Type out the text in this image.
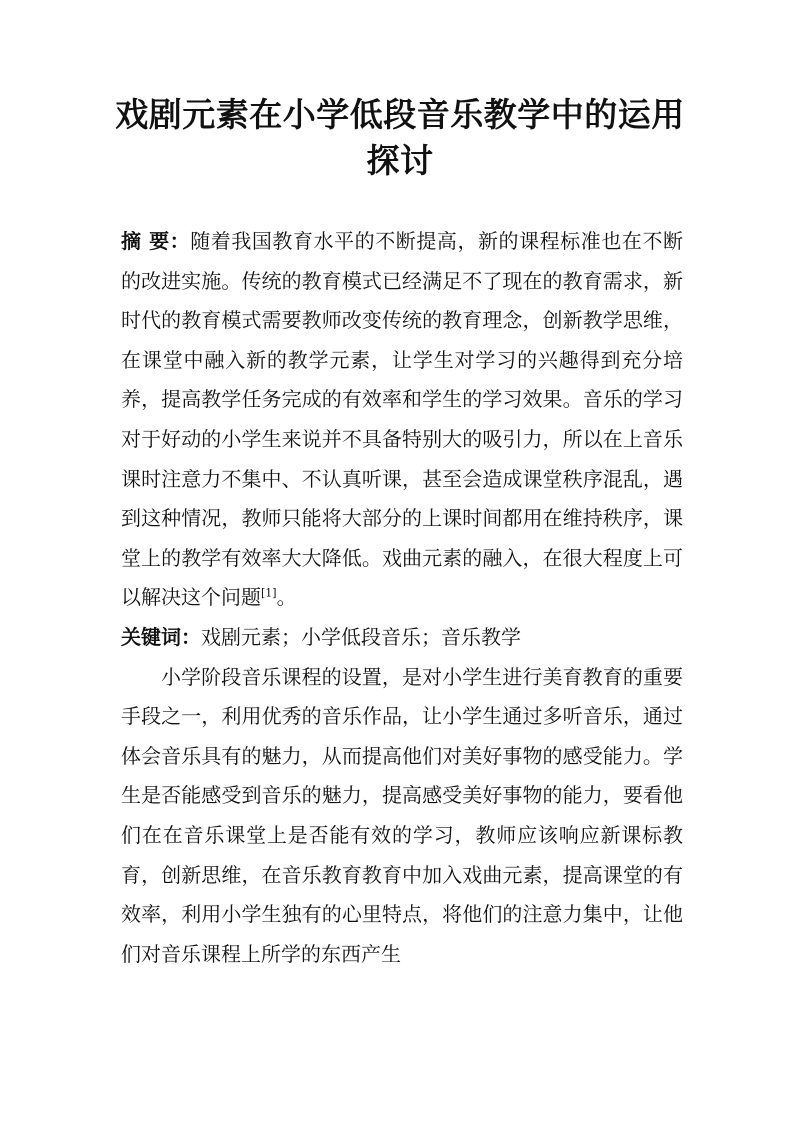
戏剧元素在小学低段音乐教学中的运用
探讨

摘 要：随着我国教育水平的不断提高，新的课程标准也在不断的改进实施。传统的教育模式已经满足不了现在的教育需求，新时代的教育模式需要教师改变传统的教育理念，创新教学思维，在课堂中融入新的教学元素，让学生对学习的兴趣得到充分培养，提高教学任务完成的有效率和学生的学习效果。音乐的学习对于好动的小学生来说并不具备特别大的吸引力，所以在上音乐课时注意力不集中、不认真听课，甚至会造成课堂秩序混乱，遇到这种情况，教师只能将大部分的上课时间都用在维持秩序，课堂上的教学有效率大大降低。戏曲元素的融入，在很大程度上可以解决这个问题[1]。

关键词：戏剧元素；小学低段音乐；音乐教学

小学阶段音乐课程的设置，是对小学生进行美育教育的重要手段之一，利用优秀的音乐作品，让小学生通过多听音乐，通过体会音乐具有的魅力，从而提高他们对美好事物的感受能力。学生是否能感受到音乐的魅力，提高感受美好事物的能力，要看他们在在音乐课堂上是否能有效的学习，教师应该响应新课标教育，创新思维，在音乐教育教育中加入戏曲元素，提高课堂的有效率，利用小学生独有的心里特点，将他们的注意力集中，让他们对音乐课程上所学的东西产生
